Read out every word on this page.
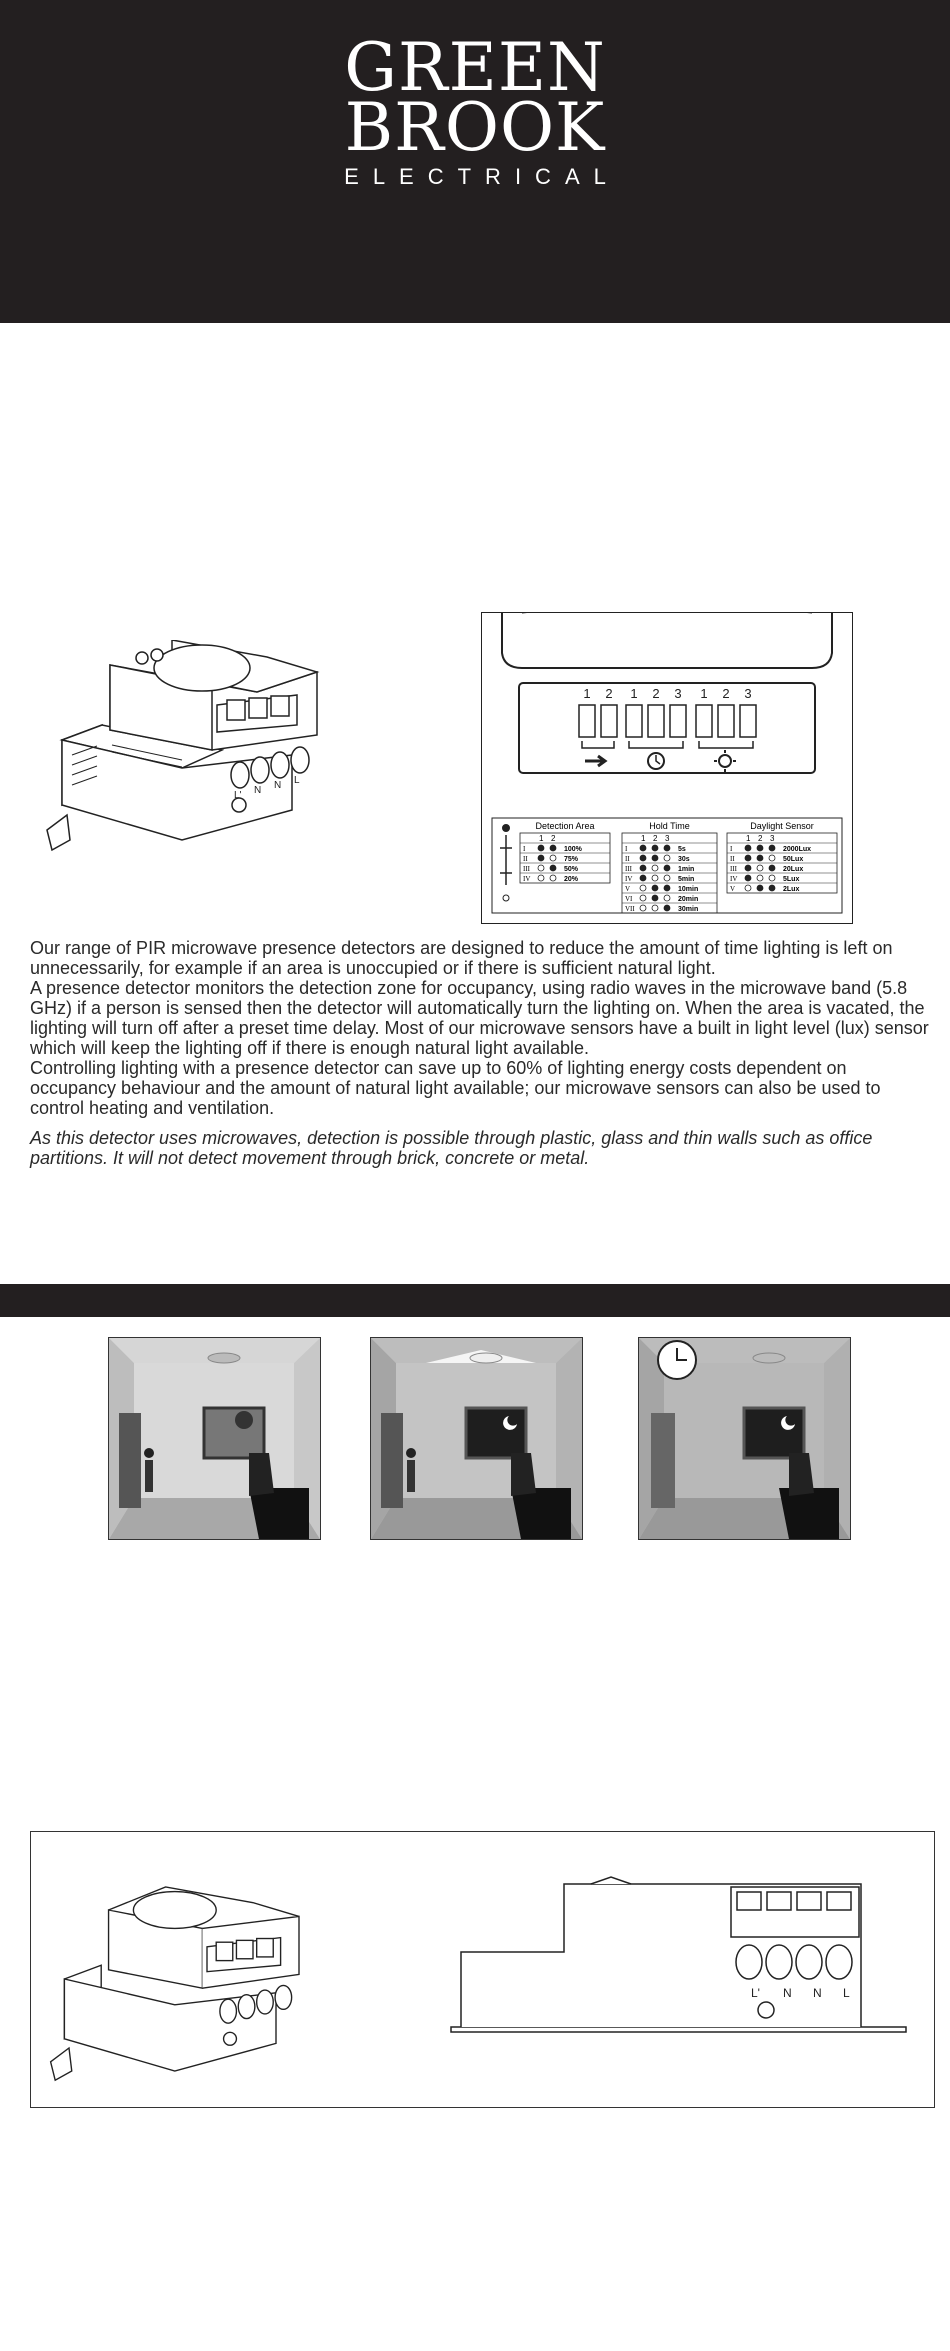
GREEN
BROOK
ELECTRICAL
L' N N L
1 2 1 2 3 1 2 3
Detection Area
1 2
I	100%
II	75%
III	50%
IV	20%
Hold Time
1 2 3
I	5s
II	30s
III	1min
IV	5min
V	10min
VI	20min
VII	30min
Daylight Sensor
1 2 3
I	2000Lux
II	50Lux
III	20Lux
IV	5Lux
V	2Lux

Our range of PIR microwave presence detectors are designed to reduce the amount of time lighting is left on unnecessarily, for example if an area is unoccupied or if there is sufficient natural light.

A presence detector monitors the detection zone for occupancy, using radio waves in the microwave band (5.8 GHz) if a person is sensed then the detector will automatically turn the lighting on. When the area is vacated, the lighting will turn off after a preset time delay. Most of our microwave sensors have a built in light level (lux) sensor which will keep the lighting off if there is enough natural light available.

Controlling lighting with a presence detector can save up to 60% of lighting energy costs dependent on occupancy behaviour and the amount of natural light available; our microwave sensors can also be used to control heating and ventilation.

As this detector uses microwaves, detection is possible through plastic, glass and thin walls such as office partitions. It will not detect movement through brick, concrete or metal.

L' N N L
